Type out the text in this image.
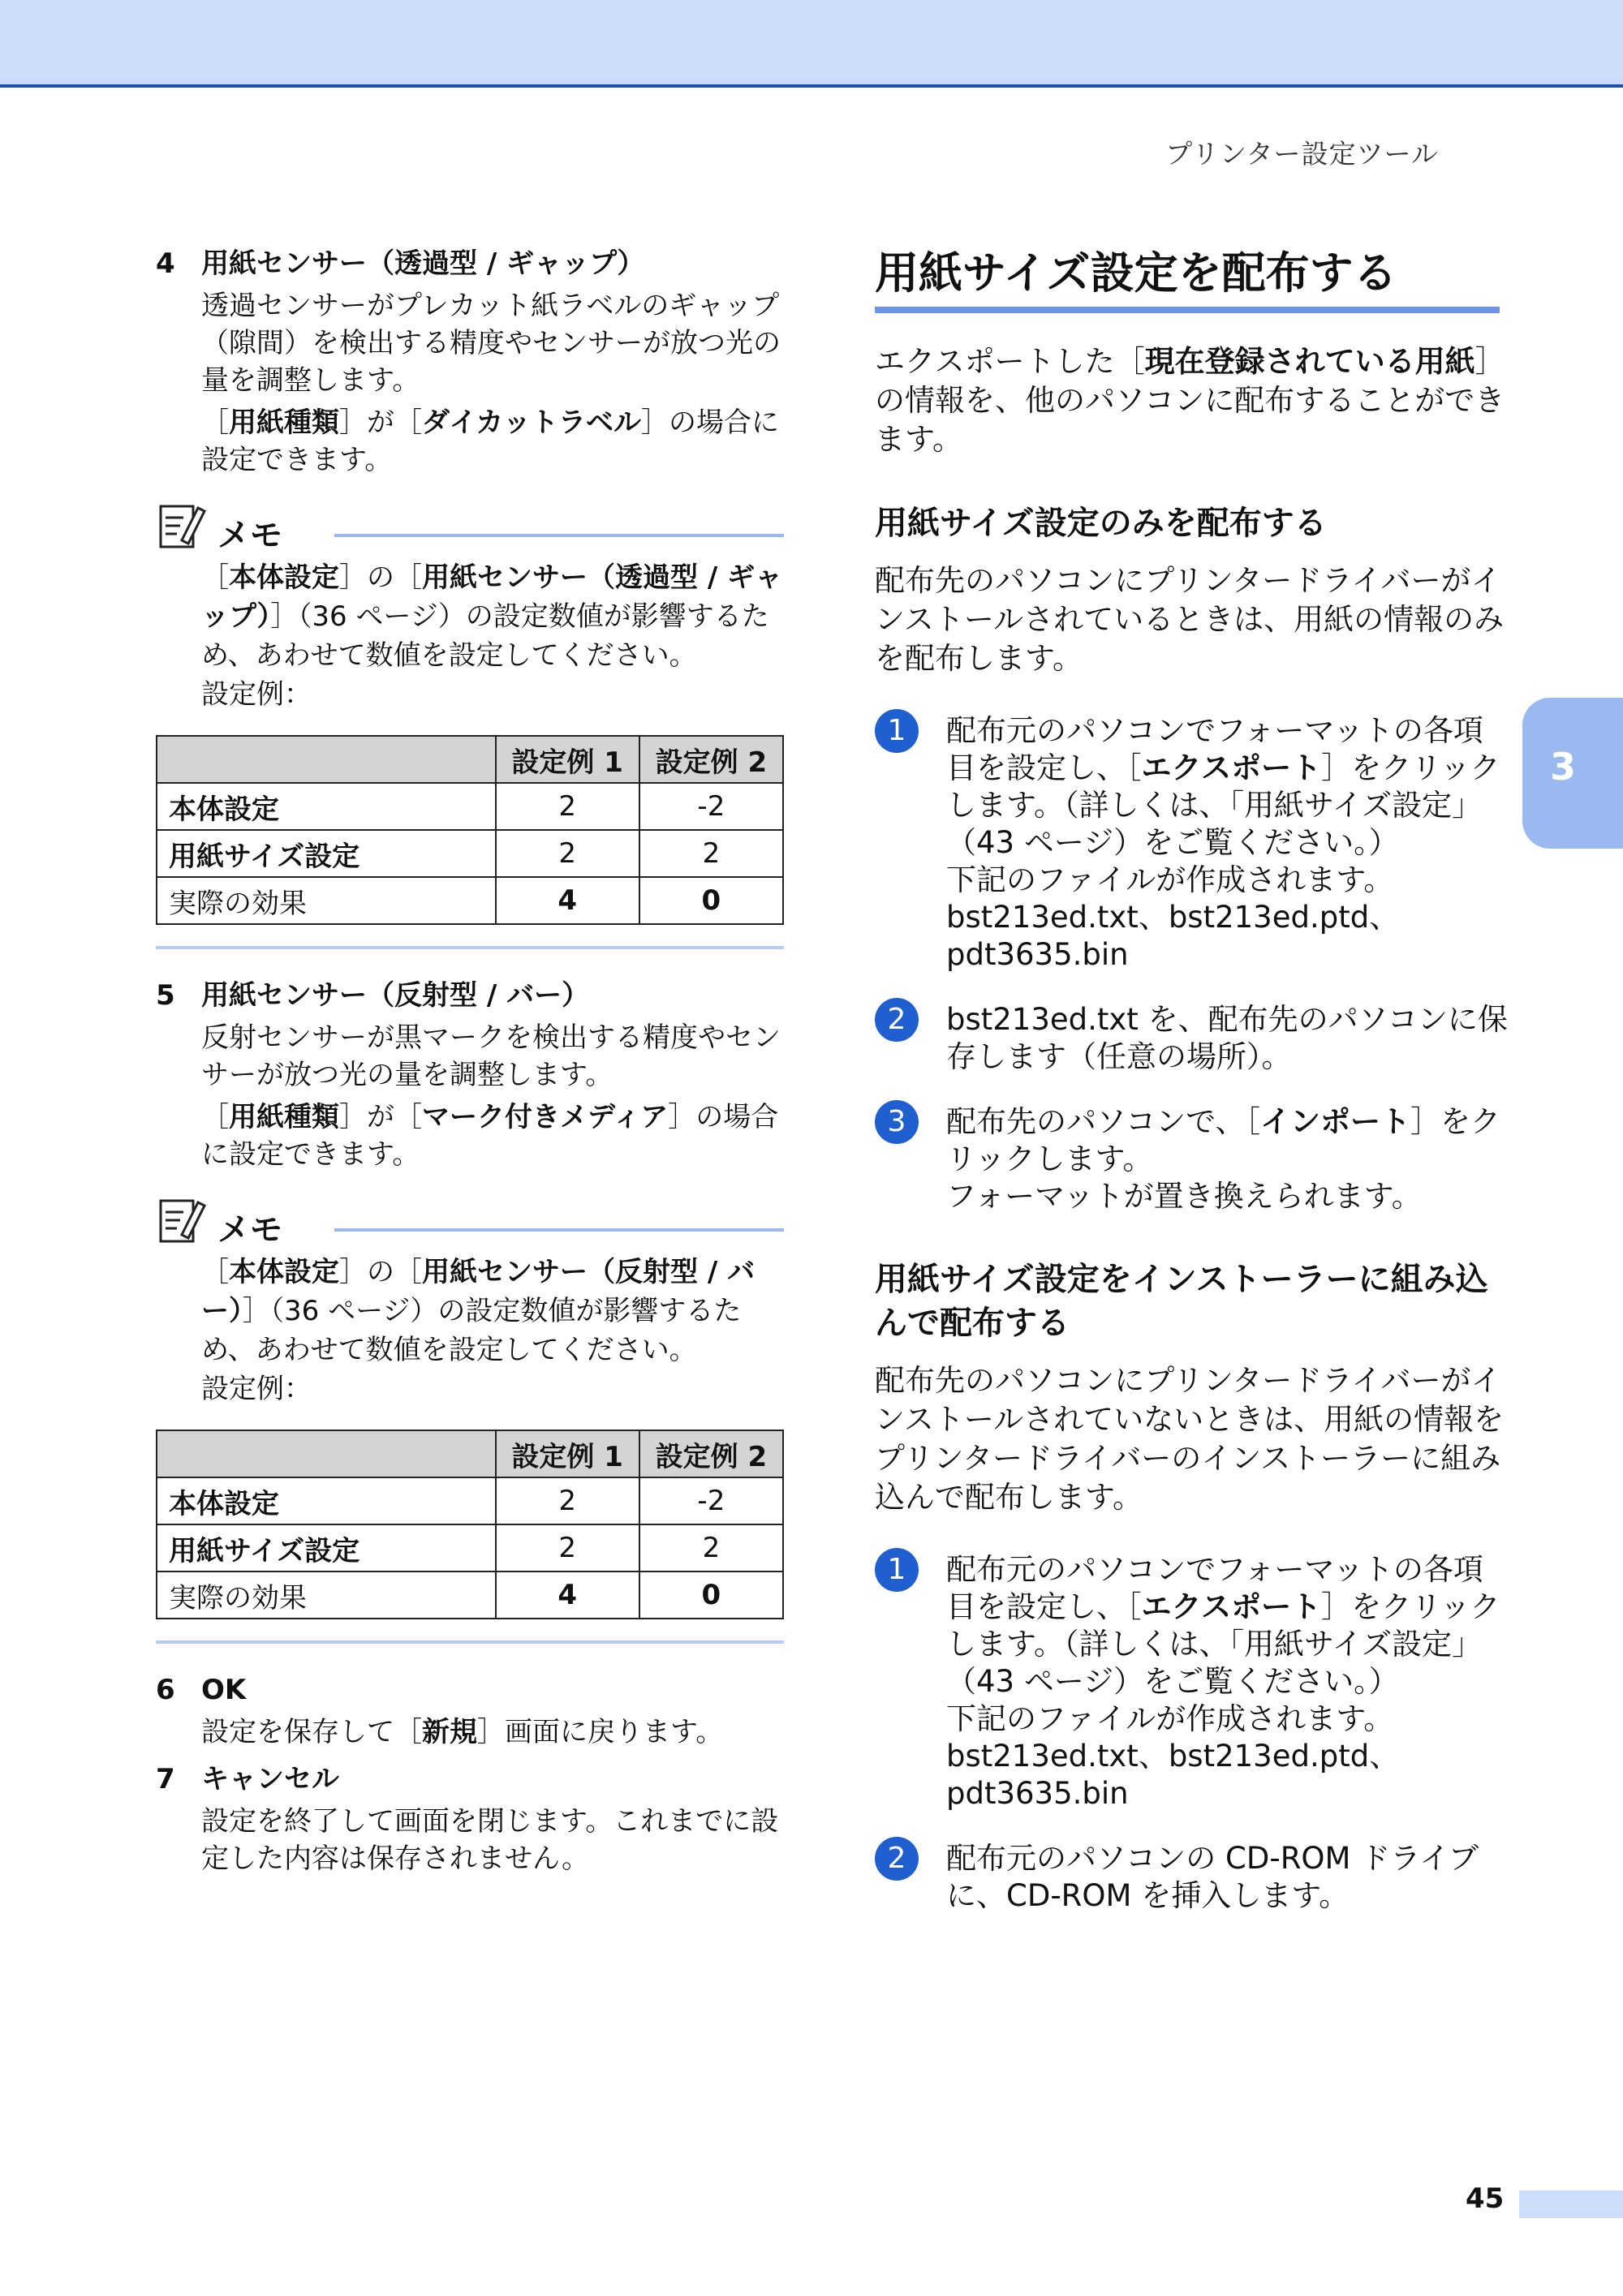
プリンター設定ツール
4 用紙センサー（透過型 / ギャップ）
透過センサーがプレカット紙ラベルのギャップ（隙間）を検出する精度やセンサーが放つ光の量を調整します。
［用紙種類］が［ダイカットラベル］の場合に設定できます。
メモ
［本体設定］の［用紙センサー（透過型 / ギャップ）］（36 ページ）の設定数値が影響するため、あわせて数値を設定してください。
設定例：
	設定例 1	設定例 2
本体設定	2	-2
用紙サイズ設定	2	2
実際の効果	4	0
5 用紙センサー（反射型 / バー）
反射センサーが黒マークを検出する精度やセンサーが放つ光の量を調整します。
［用紙種類］が［マーク付きメディア］の場合に設定できます。
メモ
［本体設定］の［用紙センサー（反射型 / バー）］（36 ページ）の設定数値が影響するため、あわせて数値を設定してください。
設定例：
	設定例 1	設定例 2
本体設定	2	-2
用紙サイズ設定	2	2
実際の効果	4	0
6 OK
設定を保存して［新規］画面に戻ります。
7 キャンセル
設定を終了して画面を閉じます。これまでに設定した内容は保存されません。
用紙サイズ設定を配布する
エクスポートした［現在登録されている用紙］の情報を、他のパソコンに配布することができます。
用紙サイズ設定のみを配布する
配布先のパソコンにプリンタードライバーがインストールされているときは、用紙の情報のみを配布します。
1	配布元のパソコンでフォーマットの各項目を設定し、［エクスポート］をクリックします。（詳しくは、「用紙サイズ設定」（43 ページ）をご覧ください。）
下記のファイルが作成されます。
bst213ed.txt、bst213ed.ptd、pdt3635.bin
2	bst213ed.txt を、配布先のパソコンに保存します（任意の場所）。
3	配布先のパソコンで、［インポート］をクリックします。
フォーマットが置き換えられます。
用紙サイズ設定をインストーラーに組み込んで配布する
配布先のパソコンにプリンタードライバーがインストールされていないときは、用紙の情報をプリンタードライバーのインストーラーに組み込んで配布します。
1	配布元のパソコンでフォーマットの各項目を設定し、［エクスポート］をクリックします。（詳しくは、「用紙サイズ設定」（43 ページ）をご覧ください。）
下記のファイルが作成されます。
bst213ed.txt、bst213ed.ptd、pdt3635.bin
2	配布元のパソコンの CD-ROM ドライブに、CD-ROM を挿入します。
3
45
